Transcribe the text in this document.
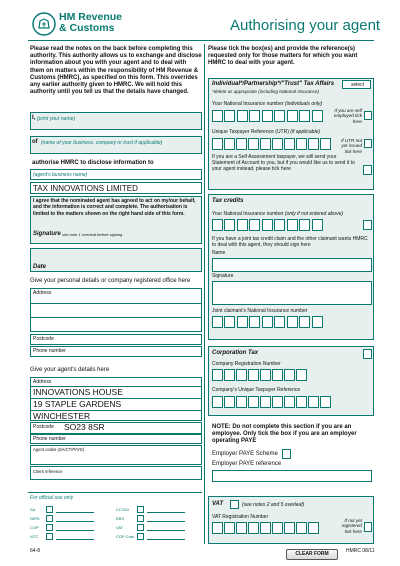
HM Revenue
& Customs	Authorising your agent
Please read the notes on the back before completing this authority. This authority allows us to exchange and disclose information about you with your agent and to deal with them on matters within the responsibility of HM Revenue & Customs (HMRC), as specified on this form. This overrides any earlier authority given to HMRC. We will hold this authority until you tell us that the details have changed.
I, (print your name)
of (name of your business, company or trust if applicable)
authorise HMRC to disclose information to
(agent's business name)
TAX INNOVATIONS LIMITED
I agree that the nominated agent has agreed to act on my/our behalf, and the information is correct and complete. The authorisation is limited to the matters shown on the right hand side of this form.
Signature see note 1 overleaf before signing
Date
Give your personal details or company registered office here
Address
Postcode
Phone number
Give your agent's details here
Address
INNOVATIONS HOUSE
19 STAPLE GARDENS
WINCHESTER
Postcode SO23 8SR
Phone number
Agent codes (SA/CT/PAYE)
Client reference
For official use only
SA
NIRS
COP
NTC
CCTAX
EBS
VAT
COP Cnts
64-8
Please tick the box(es) and provide the reference(s) requested only for those matters for which you want HMRC to deal with your agent.
Individual*/Partnership*/"Trust" Tax Affairs
*delete as appropriate (including National Insurance)
select
Your National Insurance number (individuals only)
If you are self employed tick here
Unique Taxpayer Reference (UTR) (if applicable)
If UTR not yet issued tick here
If you are a Self Assessment taxpayer, we will send your Statement of Account to you, but if you would like us to send it to your agent instead, please tick here
Tax credits
Your National Insurance number (only if not entered above)
If you have a joint tax credit claim and the other claimant wants HMRC to deal with this agent, they should sign here
Name
Signature
Joint claimant's National Insurance number
Corporation Tax
Company Registration Number
Company's Unique Taxpayer Reference
NOTE: Do not complete this section if you are an employee. Only tick the box if you are an employer operating PAYE
Employer PAYE Scheme
Employer PAYE reference
VAT	(see notes 2 and 5 overleaf)
VAT Registration Number
If not yet registered tick here
HMRC 08/11
CLEAR FORM
